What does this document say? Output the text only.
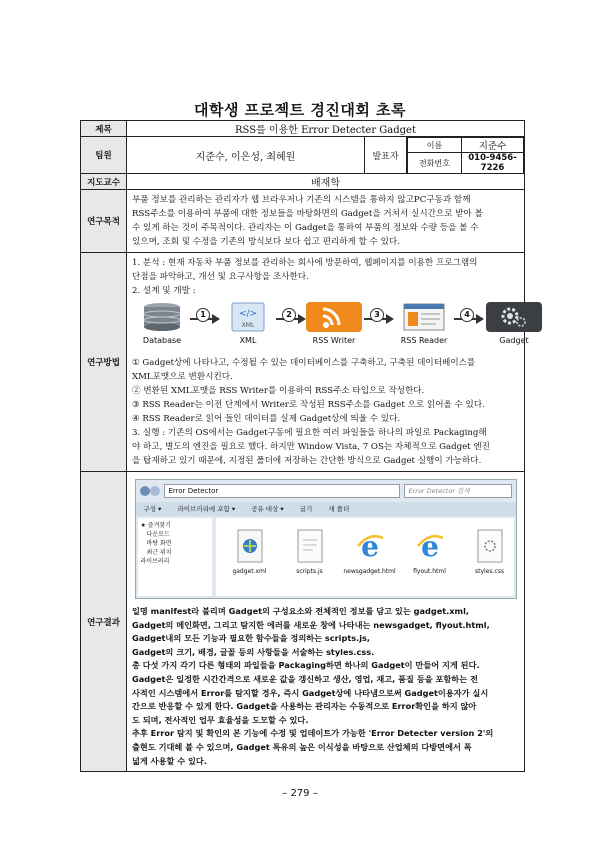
대학생 프로젝트 경진대회 초록
제목	RSS를 이용한 Error Detecter Gadget
팀원	지준수, 이은성, 최혜원	발표자	
이름	지준수
전화번호	010-9456-7226

지도교수	배재학
연구목적	
부품 정보를 관리하는 관리자가 웹 브라우저나 기존의 시스템을 통하지 않고PC구동과 함께
RSS주소를 이용하여 부품에 대한 정보들을 바탕화면의 Gadget을 거쳐서 실시간으로 받아 볼
수 있게 하는 것이 주목적이다. 관리자는 이 Gadget을 통하여 부품의 정보와 수량 등을 볼 수
있으며, 조회 및 수정을 기존의 방식보다 보다 쉽고 편리하게 할 수 있다.

연구방법	
1. 분석 : 현재 자동차 부품 정보를 관리하는 회사에 방문하여, 웹페이지를 이용한 프로그램의
단점을 파악하고, 개선 및 요구사항을 조사한다.
2. 설계 및 개발 :
Database
1	</>
XML
XML
2
RSS Writer
3
RSS Reader
4
Gadget
① Gadget상에 나타나고, 수정될 수 있는 데이터베이스를 구축하고, 구축된 데이터베이스를
XML포맷으로 변환시킨다.
② 변환된 XML포맷을 RSS Writer를 이용하여 RSS주소 타입으로 작성한다.
③ RSS Reader는 이전 단계에서 Writer로 작성된 RSS주소를 Gadget 으로 읽어올 수 있다.
④ RSS Reader로 읽어 들인 데이터를 실제 Gadget상에 띄울 수 있다.
3. 실행 : 기존의 OS에서는 Gadget구동에 필요한 여러 파일들을 하나의 파일로 Packaging해
야 하고, 별도의 엔진을 필요로 했다. 하지만 Window Vista, 7 OS는 자체적으로 Gadget 엔진
을 탑재하고 있기 때문에, 지정된 폴더에 저장하는 간단한 방식으로 Gadget 실행이 가능하다.

연구결과	
Error Detector	Error Detector 검색
구성 ▾ 라이브러리에 포함 ▾ 공유 대상 ▾ 굽기 새 폴더
★ 즐겨찾기
다운로드
바탕 화면
최근 위치
라이브러리
gadget.xml	scripts.js
e
newsgadget.html
e
flyout.html	styles.css
일명 manifest라 불리며 Gadget의 구성요소와 전체적인 정보를 담고 있는 gadget.xml,
Gadget의 메인화면, 그리고 탐지한 에러를 새로운 창에 나타내는 newsgadget, flyout.html,
Gadget내의 모든 기능과 필요한 함수들을 정의하는 scripts.js,
Gadget의 크기, 배경, 글꼴 등의 사항들을 서술하는 styles.css.
총 다섯 가지 각기 다른 형태의 파일들을 Packaging하면 하나의 Gadget이 만들어 지게 된다.
Gadget은 일정한 시간간격으로 새로운 값을 갱신하고 생산, 영업, 재고, 품질 등을 포함하는 전
사적인 시스템에서 Error를 탐지할 경우, 즉시 Gadget상에 나타냄으로써 Gadget이용자가 실시
간으로 반응할 수 있게 한다. Gadget을 사용하는 관리자는 수동적으로 Error확인을 하지 않아
도 되며, 전사적인 업무 효율성을 도모할 수 있다.
추후 Error 탐지 및 확인의 본 기능에 수정 및 업데이트가 가능한 'Error Detecter version 2'의
출현도 기대해 볼 수 있으며, Gadget 특유의 높은 이식성을 바탕으로 산업체의 다방면에서 폭
넓게 사용할 수 있다.
– 279 –
